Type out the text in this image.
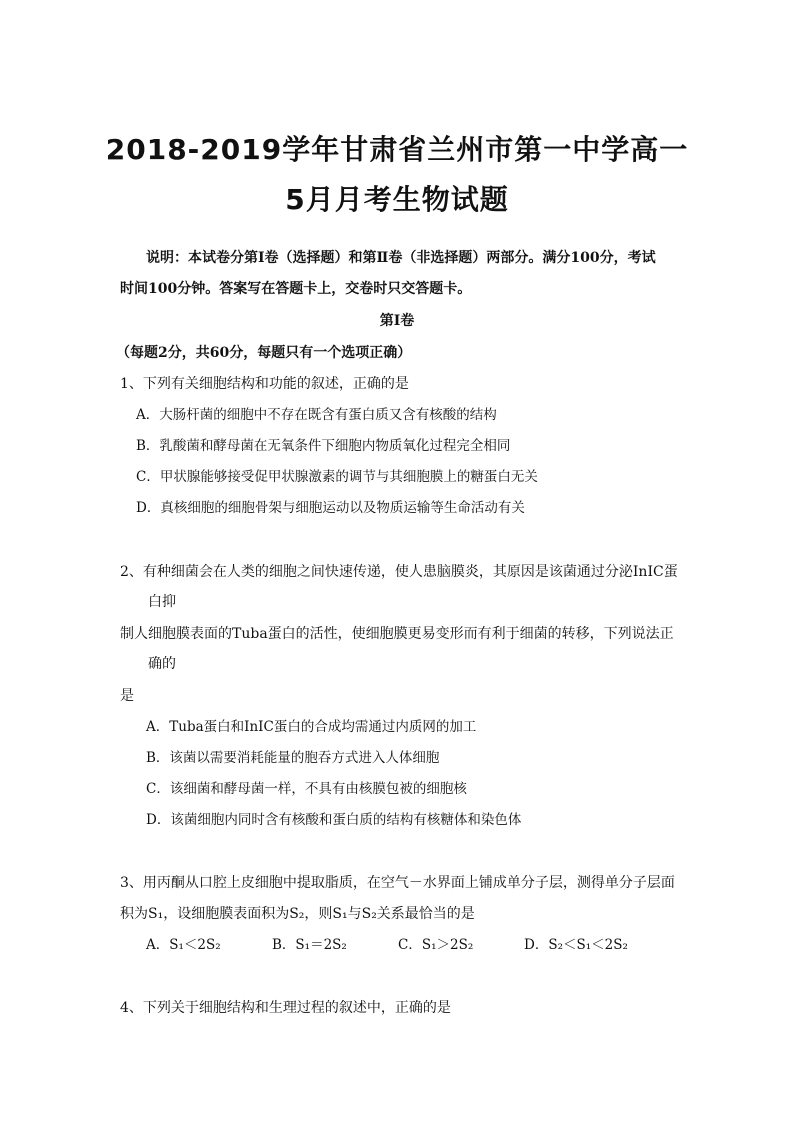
2018-2019学年甘肃省兰州市第一中学高一
5月月考生物试题
说明：本试卷分第Ⅰ卷（选择题）和第Ⅱ卷（非选择题）两部分。满分100分，考试
时间100分钟。答案写在答题卡上，交卷时只交答题卡。
第Ⅰ卷
（每题2分，共60分，每题只有一个选项正确）
1、下列有关细胞结构和功能的叙述，正确的是
A．大肠杆菌的细胞中不存在既含有蛋白质又含有核酸的结构
B．乳酸菌和酵母菌在无氧条件下细胞内物质氧化过程完全相同
C．甲状腺能够接受促甲状腺激素的调节与其细胞膜上的糖蛋白无关
D．真核细胞的细胞骨架与细胞运动以及物质运输等生命活动有关
2、有种细菌会在人类的细胞之间快速传递，使人患脑膜炎，其原因是该菌通过分泌InIC蛋
白抑
制人细胞膜表面的Tuba蛋白的活性，使细胞膜更易变形而有利于细菌的转移，下列说法正
确的
是
A．Tuba蛋白和InIC蛋白的合成均需通过内质网的加工
B．该菌以需要消耗能量的胞吞方式进入人体细胞
C．该细菌和酵母菌一样，不具有由核膜包被的细胞核
D．该菌细胞内同时含有核酸和蛋白质的结构有核糖体和染色体
3、用丙酮从口腔上皮细胞中提取脂质，在空气－水界面上铺成单分子层，测得单分子层面
积为S₁，设细胞膜表面积为S₂，则S₁与S₂关系最恰当的是
A．S₁＜2S₂	B．S₁＝2S₂	C．S₁＞2S₂	D．S₂＜S₁＜2S₂
4、下列关于细胞结构和生理过程的叙述中，正确的是
